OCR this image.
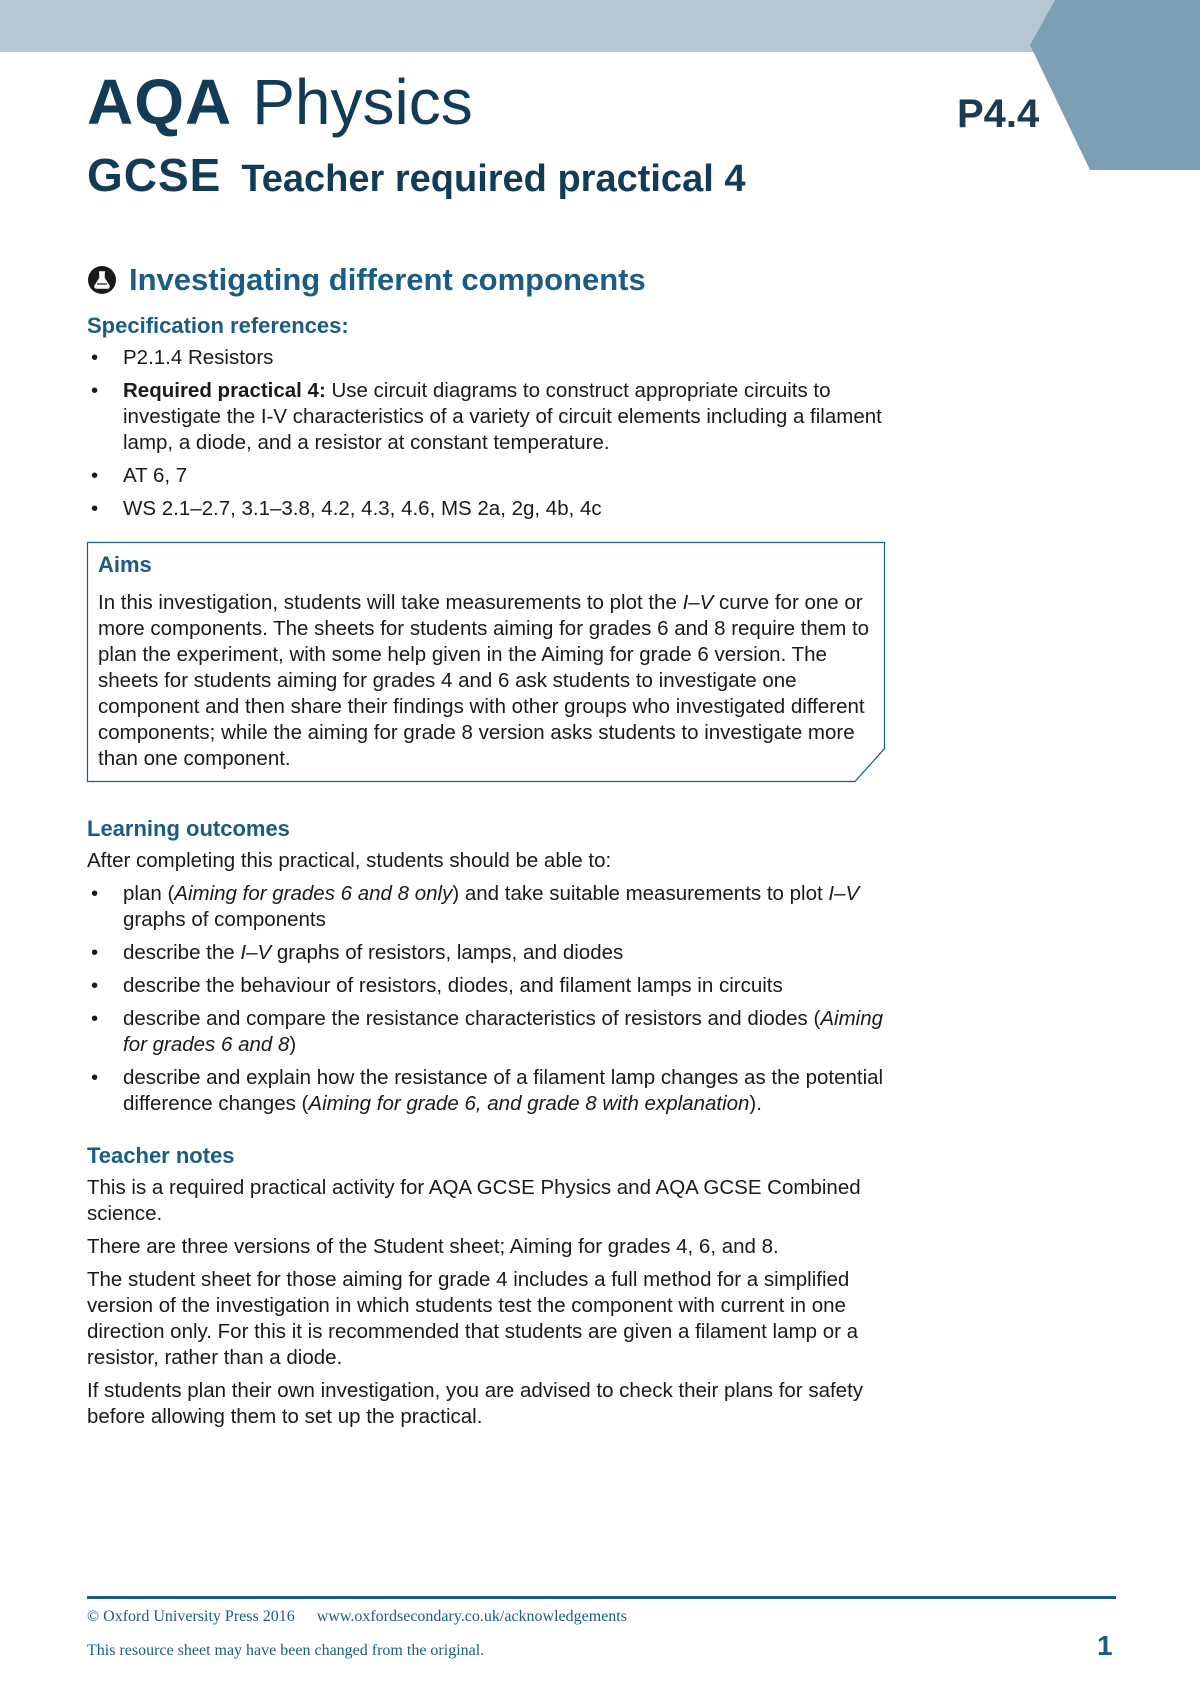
P4.4
AQA Physics
GCSE Teacher required practical 4
Investigating different components
Specification references:
• P2.1.4 Resistors
• Required practical 4: Use circuit diagrams to construct appropriate circuits to investigate the I-V characteristics of a variety of circuit elements including a filament lamp, a diode, and a resistor at constant temperature.
• AT 6, 7
• WS 2.1–2.7, 3.1–3.8, 4.2, 4.3, 4.6, MS 2a, 2g, 4b, 4c
Aims

In this investigation, students will take measurements to plot the I–V curve for one or more components. The sheets for students aiming for grades 6 and 8 require them to plan the experiment, with some help given in the Aiming for grade 6 version. The sheets for students aiming for grades 4 and 6 ask students to investigate one component and then share their findings with other groups who investigated different components; while the aiming for grade 8 version asks students to investigate more than one component.

Learning outcomes

After completing this practical, students should be able to:

• plan (Aiming for grades 6 and 8 only) and take suitable measurements to plot I–V graphs of components
• describe the I–V graphs of resistors, lamps, and diodes
• describe the behaviour of resistors, diodes, and filament lamps in circuits
• describe and compare the resistance characteristics of resistors and diodes (Aiming for grades 6 and 8)
• describe and explain how the resistance of a filament lamp changes as the potential difference changes (Aiming for grade 6, and grade 8 with explanation).
Teacher notes

This is a required practical activity for AQA GCSE Physics and AQA GCSE Combined science.

There are three versions of the Student sheet; Aiming for grades 4, 6, and 8.

The student sheet for those aiming for grade 4 includes a full method for a simplified version of the investigation in which students test the component with current in one direction only. For this it is recommended that students are given a filament lamp or a resistor, rather than a diode.

If students plan their own investigation, you are advised to check their plans for safety before allowing them to set up the practical.

© Oxford University Press 2016 www.oxfordsecondary.co.uk/acknowledgements
This resource sheet may have been changed from the original.	1
